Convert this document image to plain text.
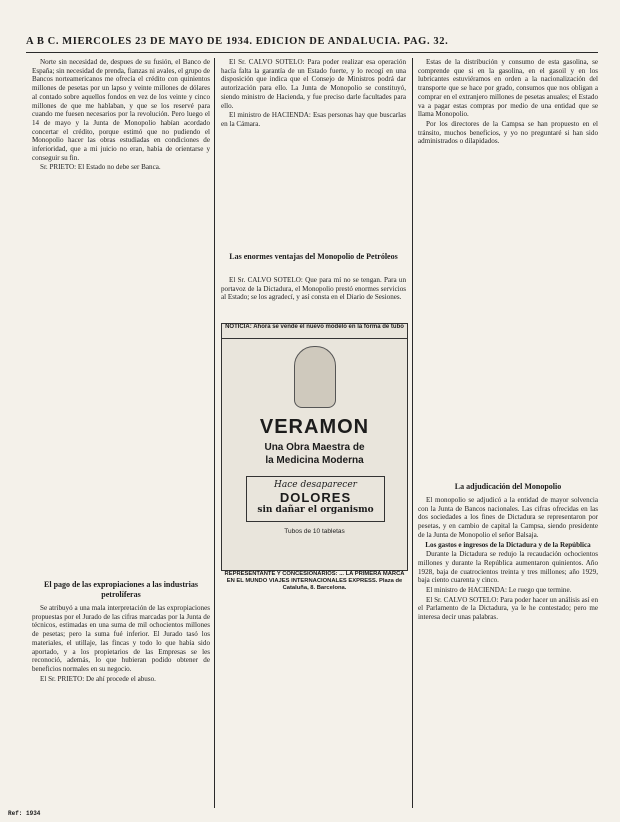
A B C. MIERCOLES 23 DE MAYO DE 1934. EDICION DE ANDALUCIA. PAG. 32.

Norte sin necesidad de, despues de su fusión, el Banco de España; sin necesidad de prenda, fianzas ni avales, el grupo de Bancos norteamericanos me ofrecía el crédito con quinientos millones de pesetas por un lapso y veinte millones de dólares al contado sobre aquellos fondos en vez de los veinte y cinco millones de que me hablaban, y que se los reservé para cuando me fuesen necesarios por la revolución. Pero luego el 14 de mayo y la Junta de Monopolio habían acordado concertar el crédito, porque estimó que no pudiendo el Monopolio hacer las obras estudiadas en condiciones de inferioridad, que a mi juicio no eran, había de orientarse y conseguir su fin.

Sr. PRIETO: El Estado no debe ser Banca.

El pago de las expropiaciones a las industrias petrolíferas

Se atribuyó a una mala interpretación de las expropiaciones propuestas por el Jurado de las cifras marcadas por la Junta de técnicos, estimadas en una suma de mil ochocientos millones de pesetas; pero la suma fué inferior. El Jurado tasó los materiales, el utillaje, las fincas y todo lo que había sido aportado, y a los propietarios de las Empresas se les reconoció, además, lo que hubieran podido obtener de beneficios normales en su negocio.

El Sr. PRIETO: De ahí procede el abuso.

El Sr. CALVO SOTELO: Para poder realizar esa operación hacía falta la garantía de un Estado fuerte, y lo recogí en una disposición que indica que el Consejo de Ministros podrá dar autorización para ello. La Junta de Monopolio se constituyó, siendo ministro de Hacienda, y fue preciso darle facultades para ello.

El ministro de HACIENDA: Esas personas hay que buscarlas en la Cámara.

Las enormes ventajas del Monopolio de Petróleos

El Sr. CALVO SOTELO: Que para mí no se tengan. Para un portavoz de la Dictadura, el Monopolio prestó enormes servicios al Estado; se los agradecí, y así consta en el Diario de Sesiones.

NOTICIA: Ahora se vende el nuevo modelo en la forma de tubo
VERAMON
Una Obra Maestra de
la Medicina Moderna
Hace desaparecer
DOLORES
sin dañar el organismo
Tubos de 10 tabletas
REPRESENTANTE Y CONCESIONARIOS: ... LA PRIMERA MARCA EN EL MUNDO VIAJES INTERNACIONALES EXPRESS. Plaza de Cataluña, 8. Barcelona.

Estas de la distribución y consumo de esta gasolina, se comprende que si en la gasolina, en el gasoil y en los lubricantes estuviéramos en orden a la nacionalización del transporte que se hace por grado, consumos que nos obligan a comprar en el extranjero millones de pesetas anuales; el Estado va a pagar estas compras por medio de una entidad que se llama Monopolio.

Por los directores de la Campsa se han propuesto en el tránsito, muchos beneficios, y yo no preguntaré si han sido administrados o dilapidados.

La adjudicación del Monopolio

El monopolio se adjudicó a la entidad de mayor solvencia con la Junta de Bancos nacionales. Las cifras ofrecidas en las dos sociedades a los fines de Dictadura se representaron por pesetas, y en cambio de capital la Campsa, siendo presidente de la Junta de Monopolio el señor Balsaja.

Los gastos e ingresos de la Dictadura y de la República

Durante la Dictadura se redujo la recaudación ochocientos millones y durante la República aumentaron quinientos. Año 1928, baja de cuatrocientos treinta y tres millones; año 1929, baja ciento cuarenta y cinco.

El ministro de HACIENDA: Le ruego que termine.

El Sr. CALVO SOTELO: Para poder hacer un análisis así en el Parlamento de la Dictadura, ya le he contestado; pero me interesa decir unas palabras.

Ref: 1934
